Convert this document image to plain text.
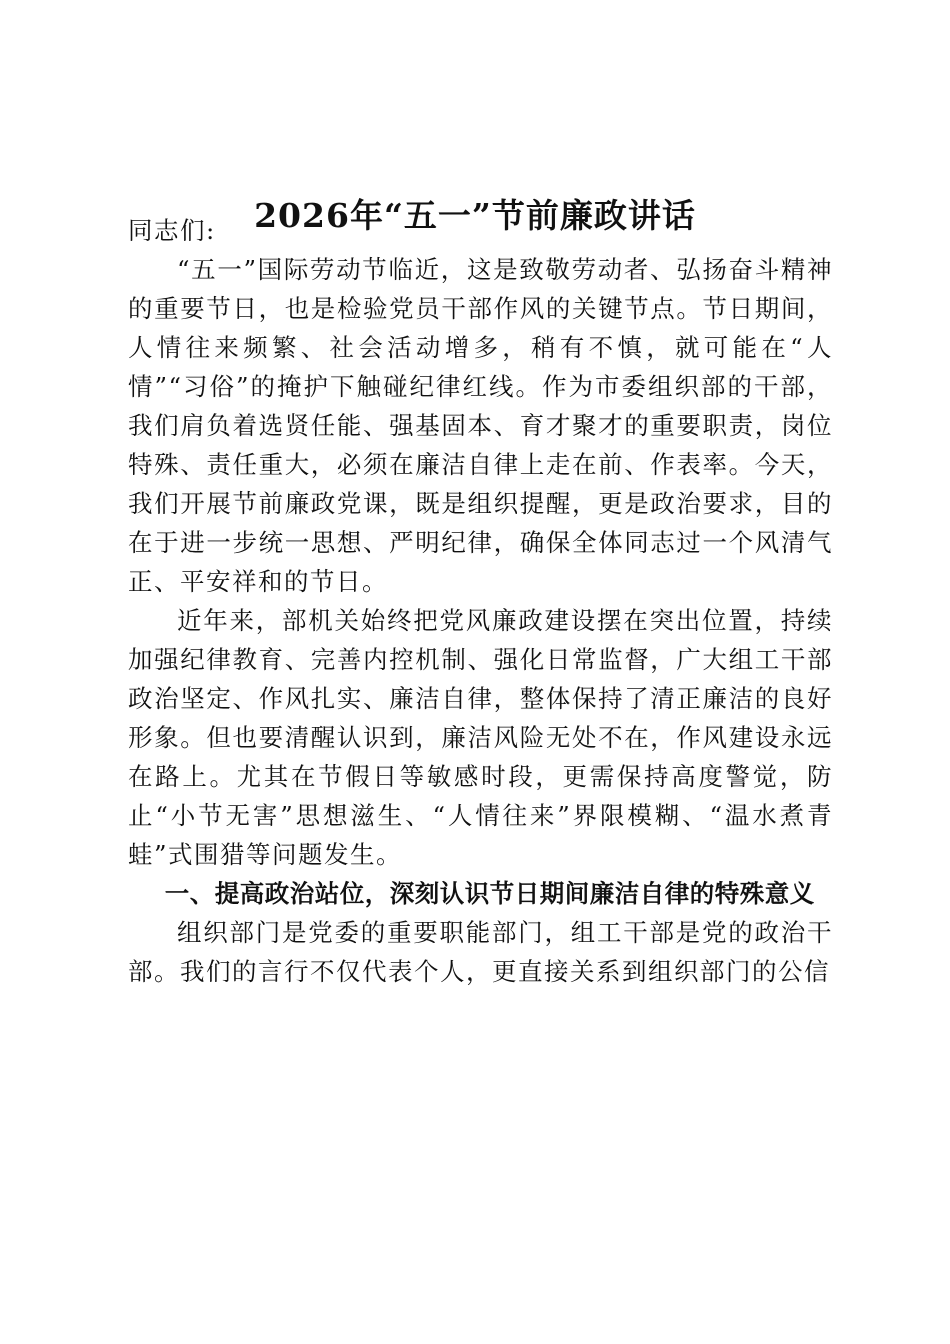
2026年“五一”节前廉政讲话

同志们:

“五一”国际劳动节临近，这是致敬劳动者、弘扬奋斗精神的重要节日，也是检验党员干部作风的关键节点。节日期间，人情往来频繁、社会活动增多，稍有不慎，就可能在“人情”“习俗”的掩护下触碰纪律红线。作为市委组织部的干部，我们肩负着选贤任能、强基固本、育才聚才的重要职责，岗位特殊、责任重大，必须在廉洁自律上走在前、作表率。今天，我们开展节前廉政党课，既是组织提醒，更是政治要求，目的在于进一步统一思想、严明纪律，确保全体同志过一个风清气正、平安祥和的节日。

近年来，部机关始终把党风廉政建设摆在突出位置，持续加强纪律教育、完善内控机制、强化日常监督，广大组工干部政治坚定、作风扎实、廉洁自律，整体保持了清正廉洁的良好形象。但也要清醒认识到，廉洁风险无处不在，作风建设永远在路上。尤其在节假日等敏感时段，更需保持高度警觉，防止“小节无害”思想滋生、“人情往来”界限模糊、“温水煮青蛙”式围猎等问题发生。

一、提高政治站位，深刻认识节日期间廉洁自律的特殊意义

组织部门是党委的重要职能部门，组工干部是党的政治干部。我们的言行不仅代表个人，更直接关系到组织部门的公信
